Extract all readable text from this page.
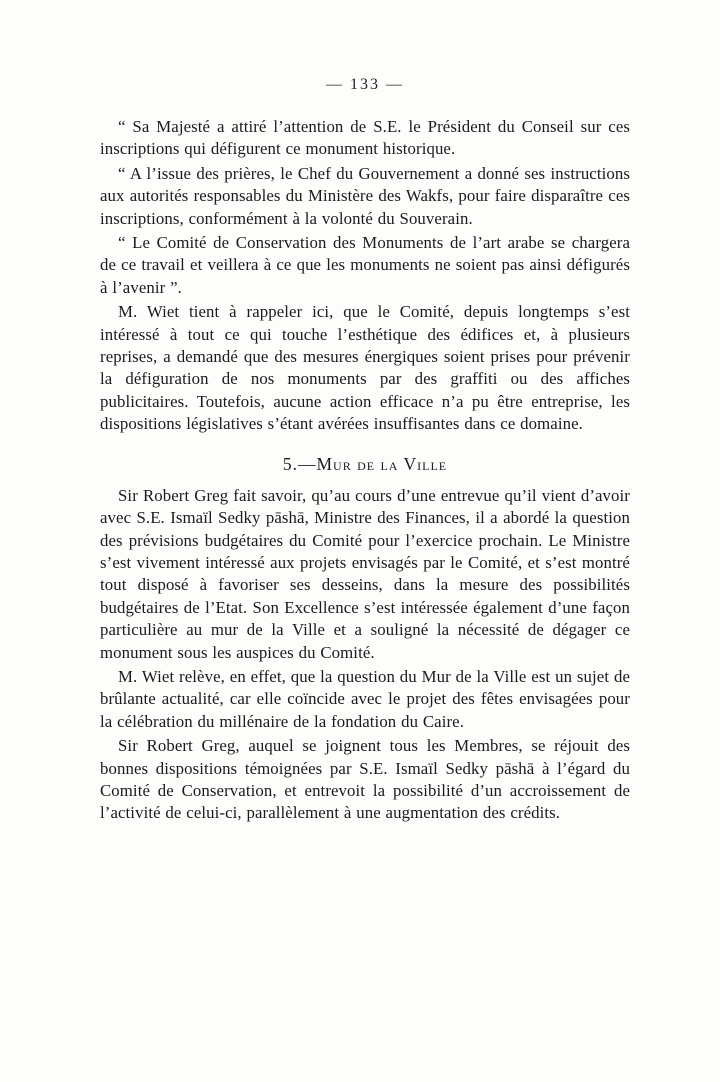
— 133 —

“ Sa Majesté a attiré l’attention de S.E. le Président du Conseil sur ces inscriptions qui défigurent ce monument historique.

“ A l’issue des prières, le Chef du Gouvernement a donné ses instructions aux autorités responsables du Ministère des Wakfs, pour faire disparaître ces inscriptions, conformément à la volonté du Souverain.

“ Le Comité de Conservation des Monuments de l’art arabe se chargera de ce travail et veillera à ce que les monuments ne soient pas ainsi défigurés à l’avenir ”.

M. Wiet tient à rappeler ici, que le Comité, depuis longtemps s’est intéressé à tout ce qui touche l’esthétique des édifices et, à plusieurs reprises, a demandé que des mesures énergiques soient prises pour prévenir la défiguration de nos monuments par des graffiti ou des affiches publicitaires. Toutefois, aucune action efficace n’a pu être entreprise, les dispositions législatives s’étant avérées insuffisantes dans ce domaine.

5.—Mur de la Ville

Sir Robert Greg fait savoir, qu’au cours d’une entrevue qu’il vient d’avoir avec S.E. Ismaïl Sedky pāshā, Ministre des Finances, il a abordé la question des prévisions budgétaires du Comité pour l’exercice prochain. Le Ministre s’est vivement intéressé aux projets envisagés par le Comité, et s’est montré tout disposé à favoriser ses desseins, dans la mesure des possibilités budgétaires de l’Etat. Son Excellence s’est intéressée également d’une façon particulière au mur de la Ville et a souligné la nécessité de dégager ce monument sous les auspices du Comité.

M. Wiet relève, en effet, que la question du Mur de la Ville est un sujet de brûlante actualité, car elle coïncide avec le projet des fêtes envisagées pour la célébration du millénaire de la fondation du Caire.

Sir Robert Greg, auquel se joignent tous les Membres, se réjouit des bonnes dispositions témoignées par S.E. Ismaïl Sedky pāshā à l’égard du Comité de Conservation, et entrevoit la possibilité d’un accroissement de l’activité de celui-ci, parallèlement à une augmentation des crédits.
